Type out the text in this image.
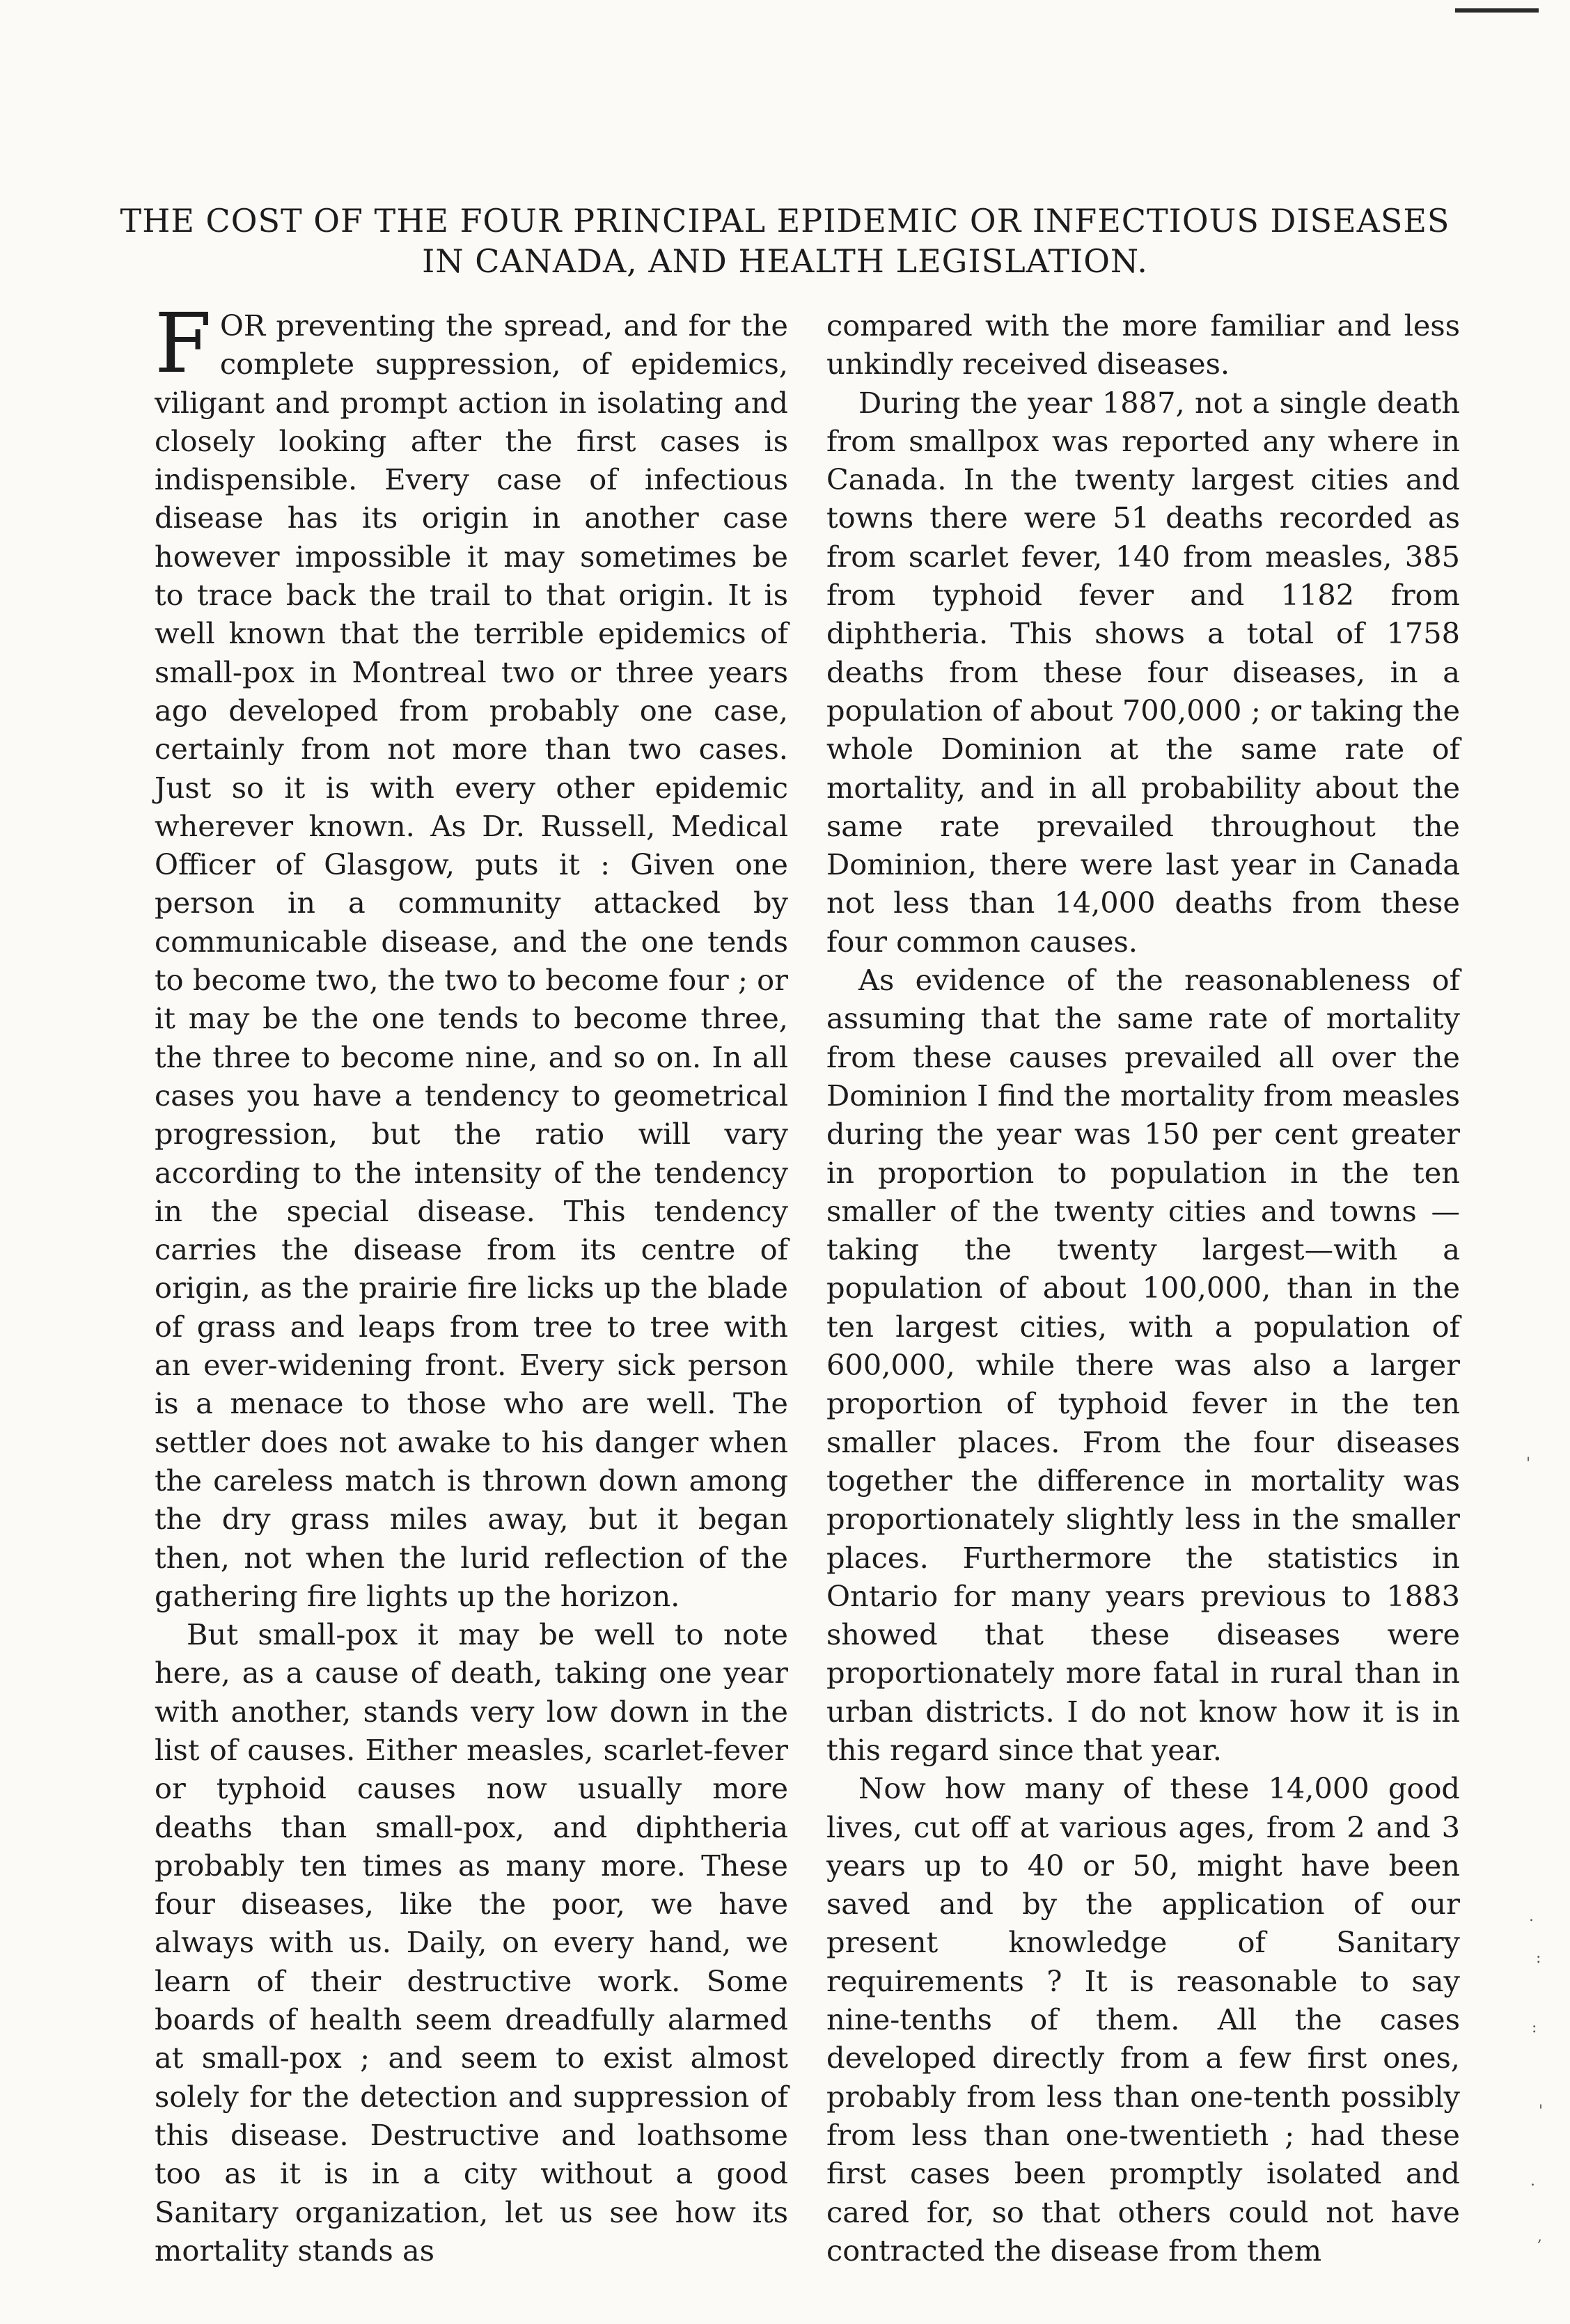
THE COST OF THE FOUR PRINCIPAL EPIDEMIC OR INFECTIOUS DISEASES
IN CANADA, AND HEALTH LEGISLATION.

FOR preventing the spread, and for the complete suppression, of epidemics, viligant and prompt action in isolating and closely looking after the first cases is indispensible. Every case of infectious disease has its origin in another case however impossible it may sometimes be to trace back the trail to that origin. It is well known that the terrible epidemics of small-pox in Montreal two or three years ago developed from probably one case, certainly from not more than two cases. Just so it is with every other epidemic wherever known. As Dr. Russell, Medical Officer of Glasgow, puts it : Given one person in a community attacked by communicable disease, and the one tends to become two, the two to become four ; or it may be the one tends to become three, the three to become nine, and so on. In all cases you have a tendency to geometrical progression, but the ratio will vary according to the intensity of the tendency in the special disease. This tendency carries the disease from its centre of origin, as the prairie fire licks up the blade of grass and leaps from tree to tree with an ever-widening front. Every sick person is a menace to those who are well. The settler does not awake to his danger when the careless match is thrown down among the dry grass miles away, but it began then, not when the lurid reflection of the gathering fire lights up the horizon.

But small-pox it may be well to note here, as a cause of death, taking one year with another, stands very low down in the list of causes. Either measles, scarlet-fever or typhoid causes now usually more deaths than small-pox, and diphtheria probably ten times as many more. These four diseases, like the poor, we have always with us. Daily, on every hand, we learn of their destructive work. Some boards of health seem dreadfully alarmed at small-pox ; and seem to exist almost solely for the detection and suppression of this disease. Destructive and loathsome too as it is in a city without a good Sanitary organization, let us see how its mortality stands as

compared with the more familiar and less unkindly received diseases.

During the year 1887, not a single death from smallpox was reported any where in Canada. In the twenty largest cities and towns there were 51 deaths recorded as from scarlet fever, 140 from measles, 385 from typhoid fever and 1182 from diphtheria. This shows a total of 1758 deaths from these four diseases, in a population of about 700,000 ; or taking the whole Dominion at the same rate of mortality, and in all probability about the same rate prevailed throughout the Dominion, there were last year in Canada not less than 14,000 deaths from these four common causes.

As evidence of the reasonableness of assuming that the same rate of mortality from these causes prevailed all over the Dominion I find the mortality from measles during the year was 150 per cent greater in proportion to population in the ten smaller of the twenty cities and towns —taking the twenty largest—with a population of about 100,000, than in the ten largest cities, with a population of 600,000, while there was also a larger proportion of typhoid fever in the ten smaller places. From the four diseases together the difference in mortality was proportionately slightly less in the smaller places. Furthermore the statistics in Ontario for many years previous to 1883 showed that these diseases were proportionately more fatal in rural than in urban districts. I do not know how it is in this regard since that year.

Now how many of these 14,000 good lives, cut off at various ages, from 2 and 3 years up to 40 or 50, might have been saved and by the application of our present knowledge of Sanitary requirements ? It is reasonable to say nine-tenths of them. All the cases developed directly from a few first ones, probably from less than one-tenth possibly from less than one-twentieth ; had these first cases been promptly isolated and cared for, so that others could not have contracted the disease from them

'
.
:
:
'
.
,
